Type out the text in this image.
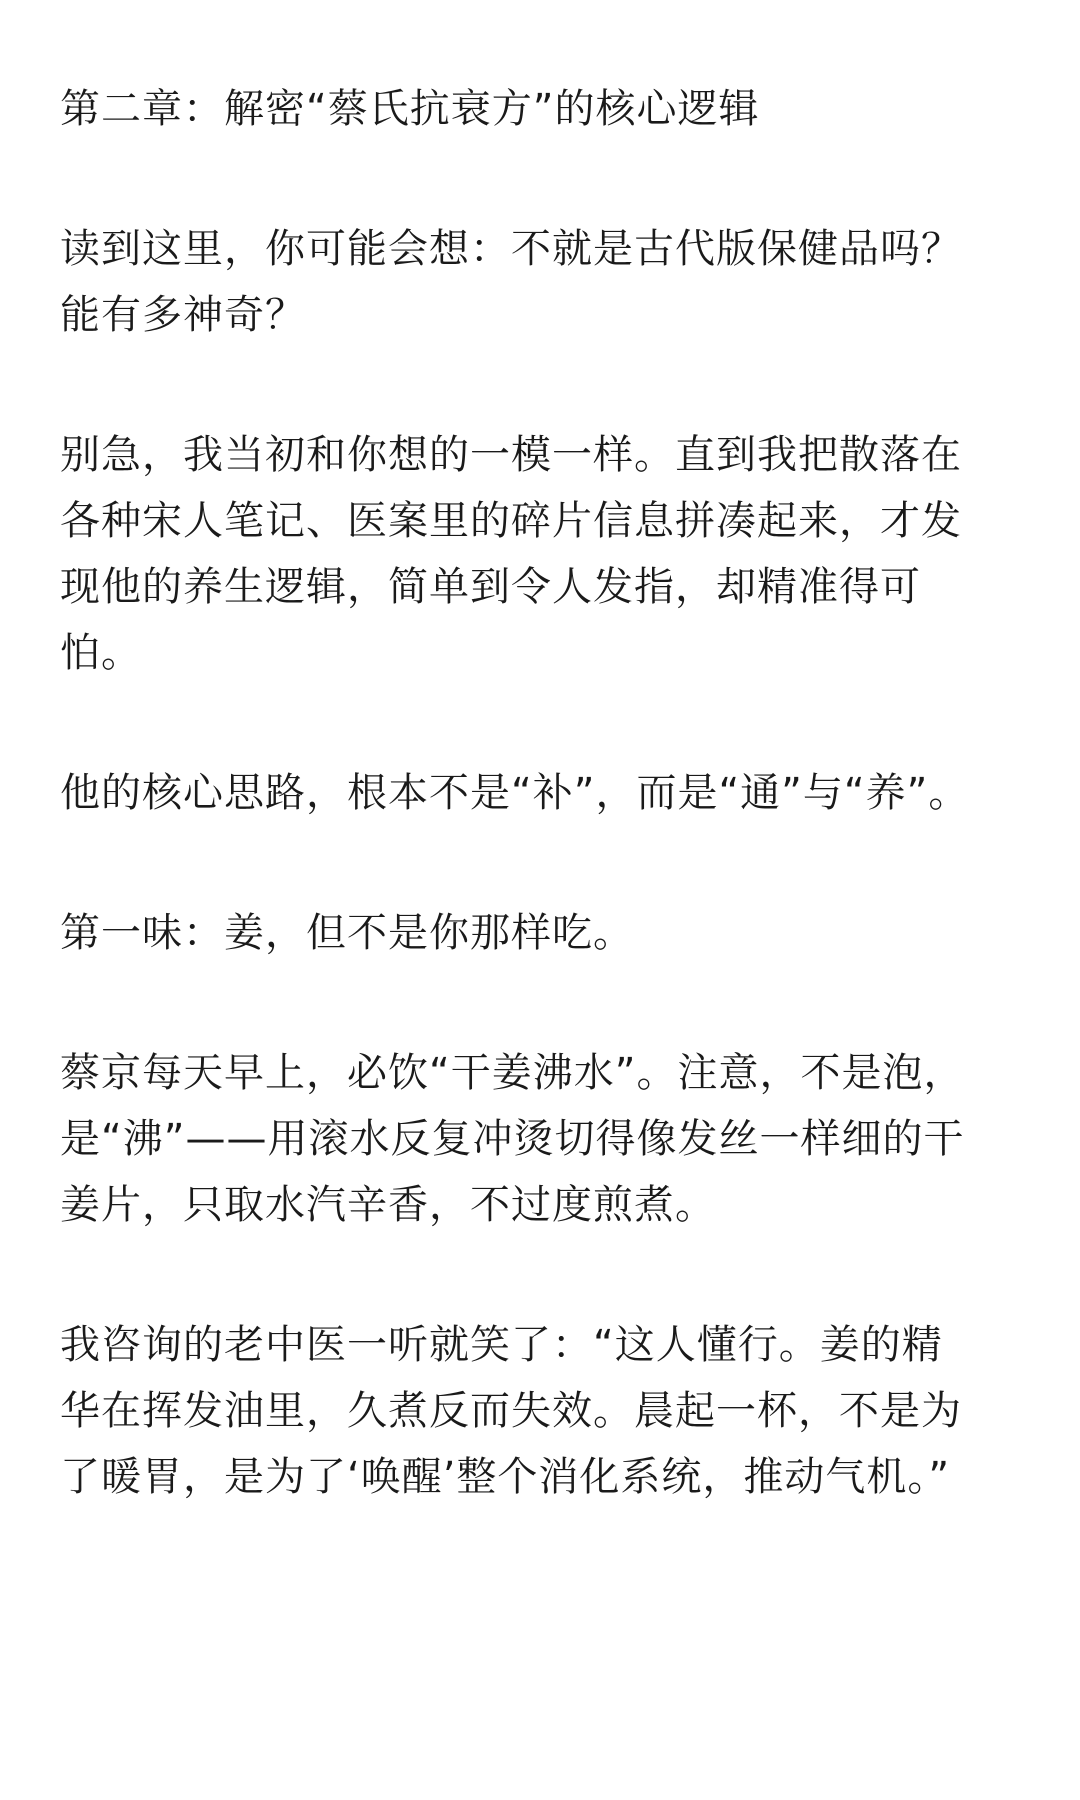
第二章：解密“蔡氏抗衰方”的核心逻辑

读到这里，你可能会想：不就是古代版保健品吗？
能有多神奇？

别急，我当初和你想的一模一样。直到我把散落在
各种宋人笔记、医案里的碎片信息拼凑起来，才发
现他的养生逻辑，简单到令人发指，却精准得可
怕。

他的核心思路，根本不是“补”，而是“通”与“养”。

第一味：姜，但不是你那样吃。

蔡京每天早上，必饮“干姜沸水”。注意，不是泡，
是“沸”——用滚水反复冲烫切得像发丝一样细的干
姜片，只取水汽辛香，不过度煎煮。

我咨询的老中医一听就笑了：“这人懂行。姜的精
华在挥发油里，久煮反而失效。晨起一杯，不是为
了暖胃，是为了‘唤醒’整个消化系统，推动气机。”
